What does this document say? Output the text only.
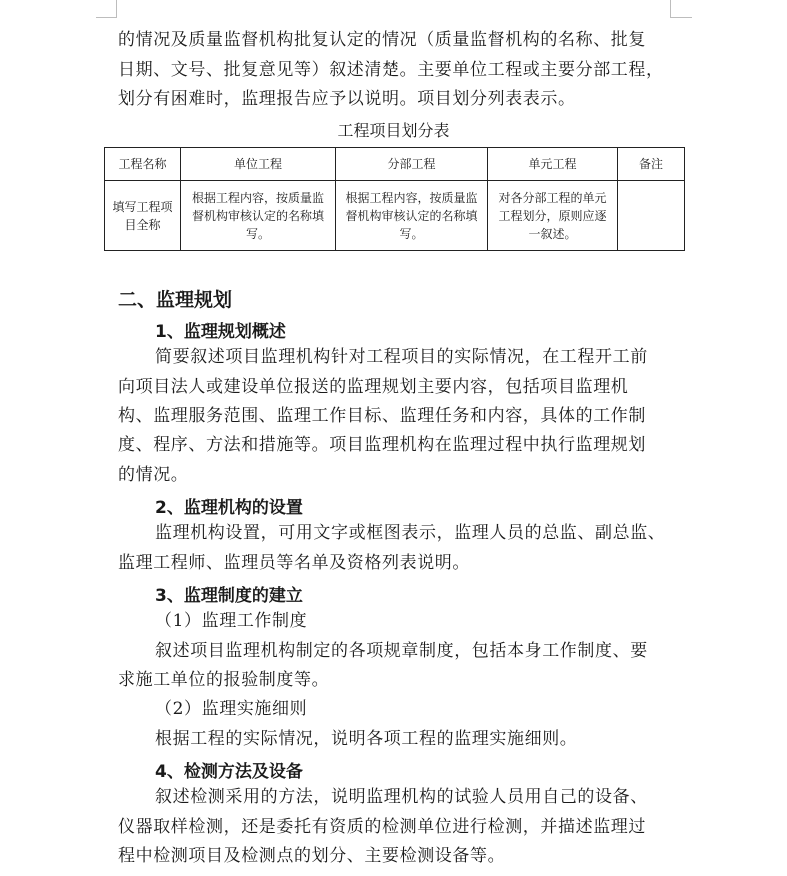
的情况及质量监督机构批复认定的情况（质量监督机构的名称、批复
日期、文号、批复意见等）叙述清楚。主要单位工程或主要分部工程，
划分有困难时，监理报告应予以说明。项目划分列表表示。
工程项目划分表
工程名称	单位工程	分部工程	单元工程	备注
填写工程项目全称	根据工程内容，按质量监督机构审核认定的名称填写。	根据工程内容，按质量监督机构审核认定的名称填写。	对各分部工程的单元工程划分，原则应逐一叙述。	
二、监理规划
1、监理规划概述
简要叙述项目监理机构针对工程项目的实际情况，在工程开工前
向项目法人或建设单位报送的监理规划主要内容，包括项目监理机
构、监理服务范围、监理工作目标、监理任务和内容，具体的工作制
度、程序、方法和措施等。项目监理机构在监理过程中执行监理规划
的情况。
2、监理机构的设置
监理机构设置，可用文字或框图表示，监理人员的总监、副总监、
监理工程师、监理员等名单及资格列表说明。
3、监理制度的建立
（1）监理工作制度
叙述项目监理机构制定的各项规章制度，包括本身工作制度、要
求施工单位的报验制度等。
（2）监理实施细则
根据工程的实际情况，说明各项工程的监理实施细则。
4、检测方法及设备
叙述检测采用的方法，说明监理机构的试验人员用自己的设备、
仪器取样检测，还是委托有资质的检测单位进行检测，并描述监理过
程中检测项目及检测点的划分、主要检测设备等。
